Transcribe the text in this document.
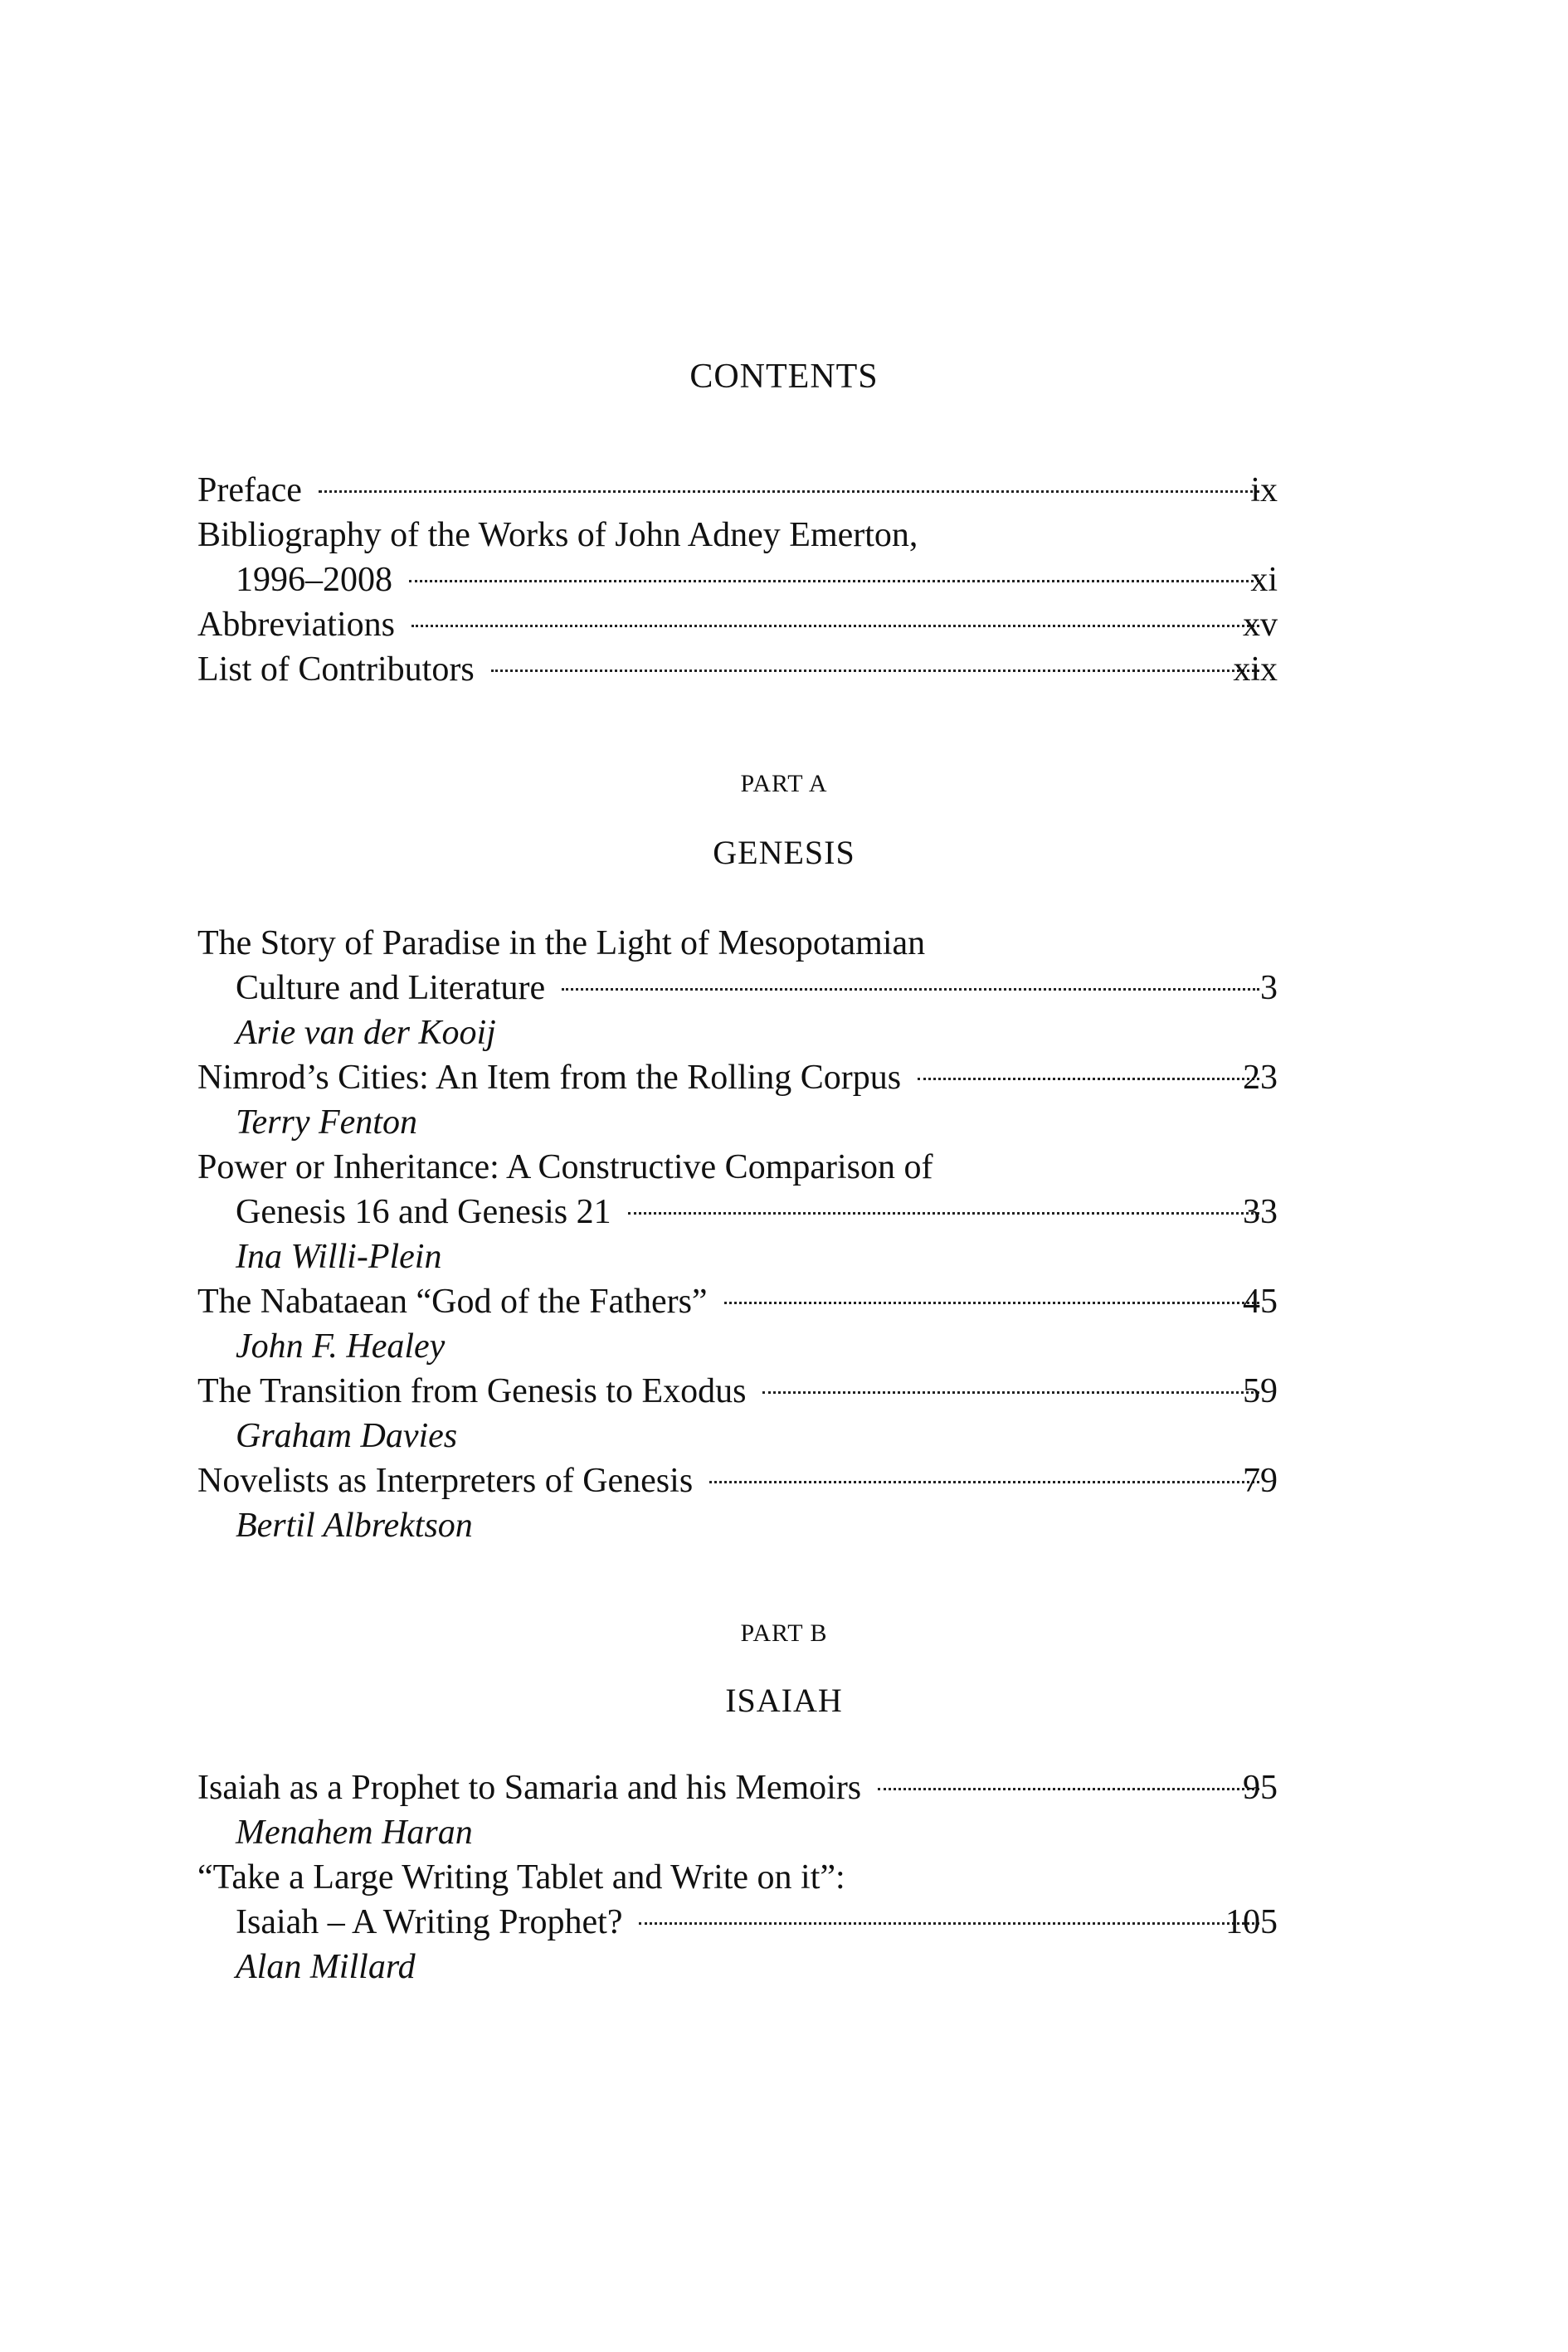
CONTENTS
Preface	ix
Bibliography of the Works of John Adney Emerton,
1996–2008	xi
Abbreviations	xv
List of Contributors	xix
PART A
GENESIS
The Story of Paradise in the Light of Mesopotamian
Culture and Literature	3
Arie van der Kooij
Nimrod’s Cities: An Item from the Rolling Corpus	23
Terry Fenton
Power or Inheritance: A Constructive Comparison of
Genesis 16 and Genesis 21	33
Ina Willi-Plein
The Nabataean “God of the Fathers”	45
John F. Healey
The Transition from Genesis to Exodus	59
Graham Davies
Novelists as Interpreters of Genesis	79
Bertil Albrektson
PART B
ISAIAH
Isaiah as a Prophet to Samaria and his Memoirs	95
Menahem Haran
“Take a Large Writing Tablet and Write on it”:
Isaiah – A Writing Prophet?	105
Alan Millard
